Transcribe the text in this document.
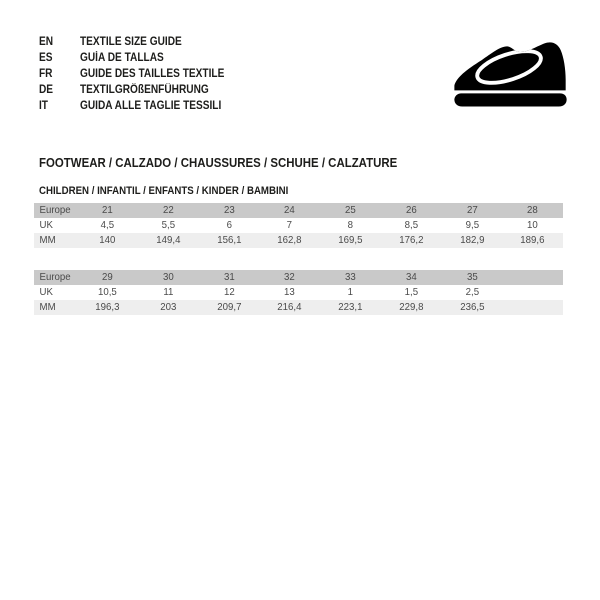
EN	TEXTILE SIZE GUIDE
ES	GUÍA DE TALLAS
FR	GUIDE DES TAILLES TEXTILE
DE	TEXTILGRÖßENFÜHRUNG
IT	GUIDA ALLE TAGLIE TESSILI
FOOTWEAR / CALZADO / CHAUSSURES / SCHUHE / CALZATURE
CHILDREN / INFANTIL / ENFANTS / KINDER / BAMBINI
Europe	21	22	23	24	25	26	27	28
UK	4,5	5,5	6	7	8	8,5	9,5	10
MM	140	149,4	156,1	162,8	169,5	176,2	182,9	189,6
Europe	29	30	31	32	33	34	35
UK	10,5	11	12	13	1	1,5	2,5
MM	196,3	203	209,7	216,4	223,1	229,8	236,5
